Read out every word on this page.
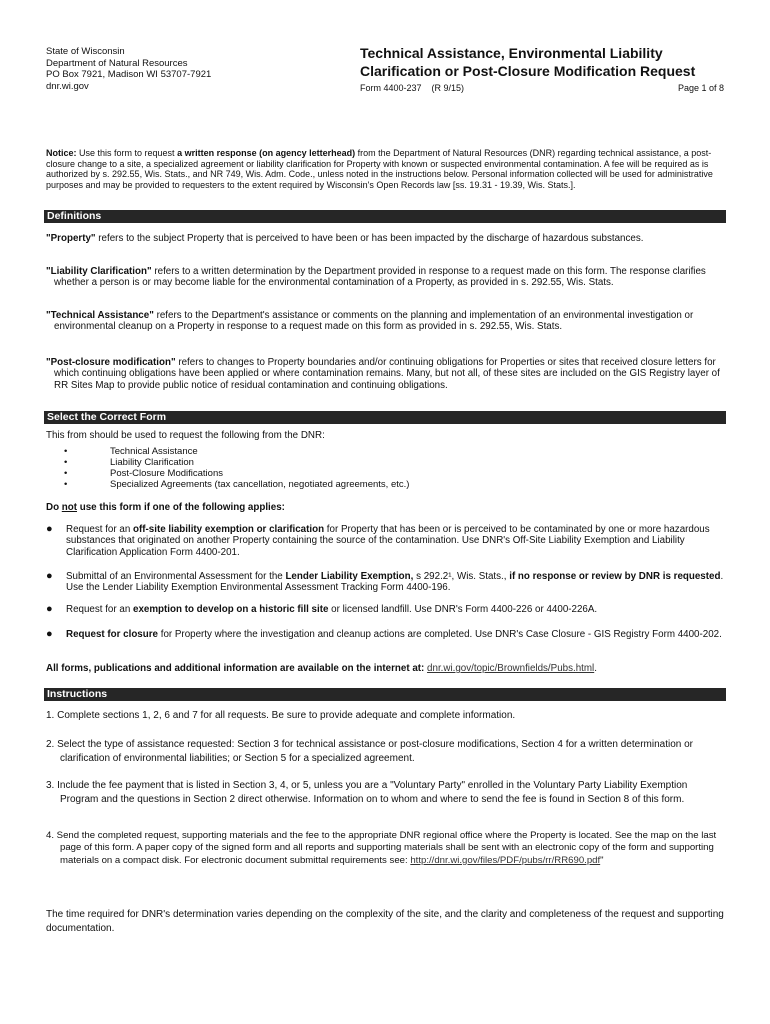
State of Wisconsin
Department of Natural Resources
PO Box 7921, Madison WI 53707-7921
dnr.wi.gov
Technical Assistance, Environmental Liability
Clarification or Post-Closure Modification Request
Form 4400-237    (R 9/15)	Page 1 of 8
Notice: Use this form to request a written response (on agency letterhead) from the Department of Natural Resources (DNR) regarding technical assistance, a post-closure change to a site, a specialized agreement or liability clarification for Property with known or suspected environmental contamination. A fee will be required as is authorized by s. 292.55, Wis. Stats., and NR 749, Wis. Adm. Code., unless noted in the instructions below. Personal information collected will be used for administrative purposes and may be provided to requesters to the extent required by Wisconsin's Open Records law [ss. 19.31 - 19.39, Wis. Stats.].
Definitions
"Property" refers to the subject Property that is perceived to have been or has been impacted by the discharge of hazardous substances.
"Liability Clarification" refers to a written determination by the Department provided in response to a request made on this form. The response clarifies whether a person is or may become liable for the environmental contamination of a Property, as provided in s. 292.55, Wis. Stats.
"Technical Assistance" refers to the Department's assistance or comments on the planning and implementation of an environmental investigation or environmental cleanup on a Property in response to a request made on this form as provided in s. 292.55, Wis. Stats.
"Post-closure modification" refers to changes to Property boundaries and/or continuing obligations for Properties or sites that received closure letters for which continuing obligations have been applied or where contamination remains. Many, but not all, of these sites are included on the GIS Registry layer of RR Sites Map to provide public notice of residual contamination and continuing obligations.
Select the Correct Form
This from should be used to request the following from the DNR:
• Technical Assistance
• Liability Clarification
• Post-Closure Modifications
• Specialized Agreements (tax cancellation, negotiated agreements, etc.)
Do not use this form if one of the following applies:
● Request for an off-site liability exemption or clarification for Property that has been or is perceived to be contaminated by one or more hazardous substances that originated on another Property containing the source of the contamination. Use DNR's Off-Site Liability Exemption and Liability Clarification Application Form 4400-201.
● Submittal of an Environmental Assessment for the Lender Liability Exemption, s 292.2¹, Wis. Stats., if no response or review by DNR is requested. Use the Lender Liability Exemption Environmental Assessment Tracking Form 4400-196.
● Request for an exemption to develop on a historic fill site or licensed landfill. Use DNR's Form 4400-226 or 4400-226A.
● Request for closure for Property where the investigation and cleanup actions are completed. Use DNR's Case Closure - GIS Registry Form 4400-202.
All forms, publications and additional information are available on the internet at: dnr.wi.gov/topic/Brownfields/Pubs.html.
Instructions
1. Complete sections 1, 2, 6 and 7 for all requests. Be sure to provide adequate and complete information.
2. Select the type of assistance requested: Section 3 for technical assistance or post-closure modifications, Section 4 for a written determination or clarification of environmental liabilities; or Section 5 for a specialized agreement.
3. Include the fee payment that is listed in Section 3, 4, or 5, unless you are a "Voluntary Party" enrolled in the Voluntary Party Liability Exemption Program and the questions in Section 2 direct otherwise. Information on to whom and where to send the fee is found in Section 8 of this form.
4. Send the completed request, supporting materials and the fee to the appropriate DNR regional office where the Property is located. See the map on the last page of this form. A paper copy of the signed form and all reports and supporting materials shall be sent with an electronic copy of the form and supporting materials on a compact disk. For electronic document submittal requirements see: http://dnr.wi.gov/files/PDF/pubs/rr/RR690.pdf"
The time required for DNR's determination varies depending on the complexity of the site, and the clarity and completeness of the request and supporting documentation.
